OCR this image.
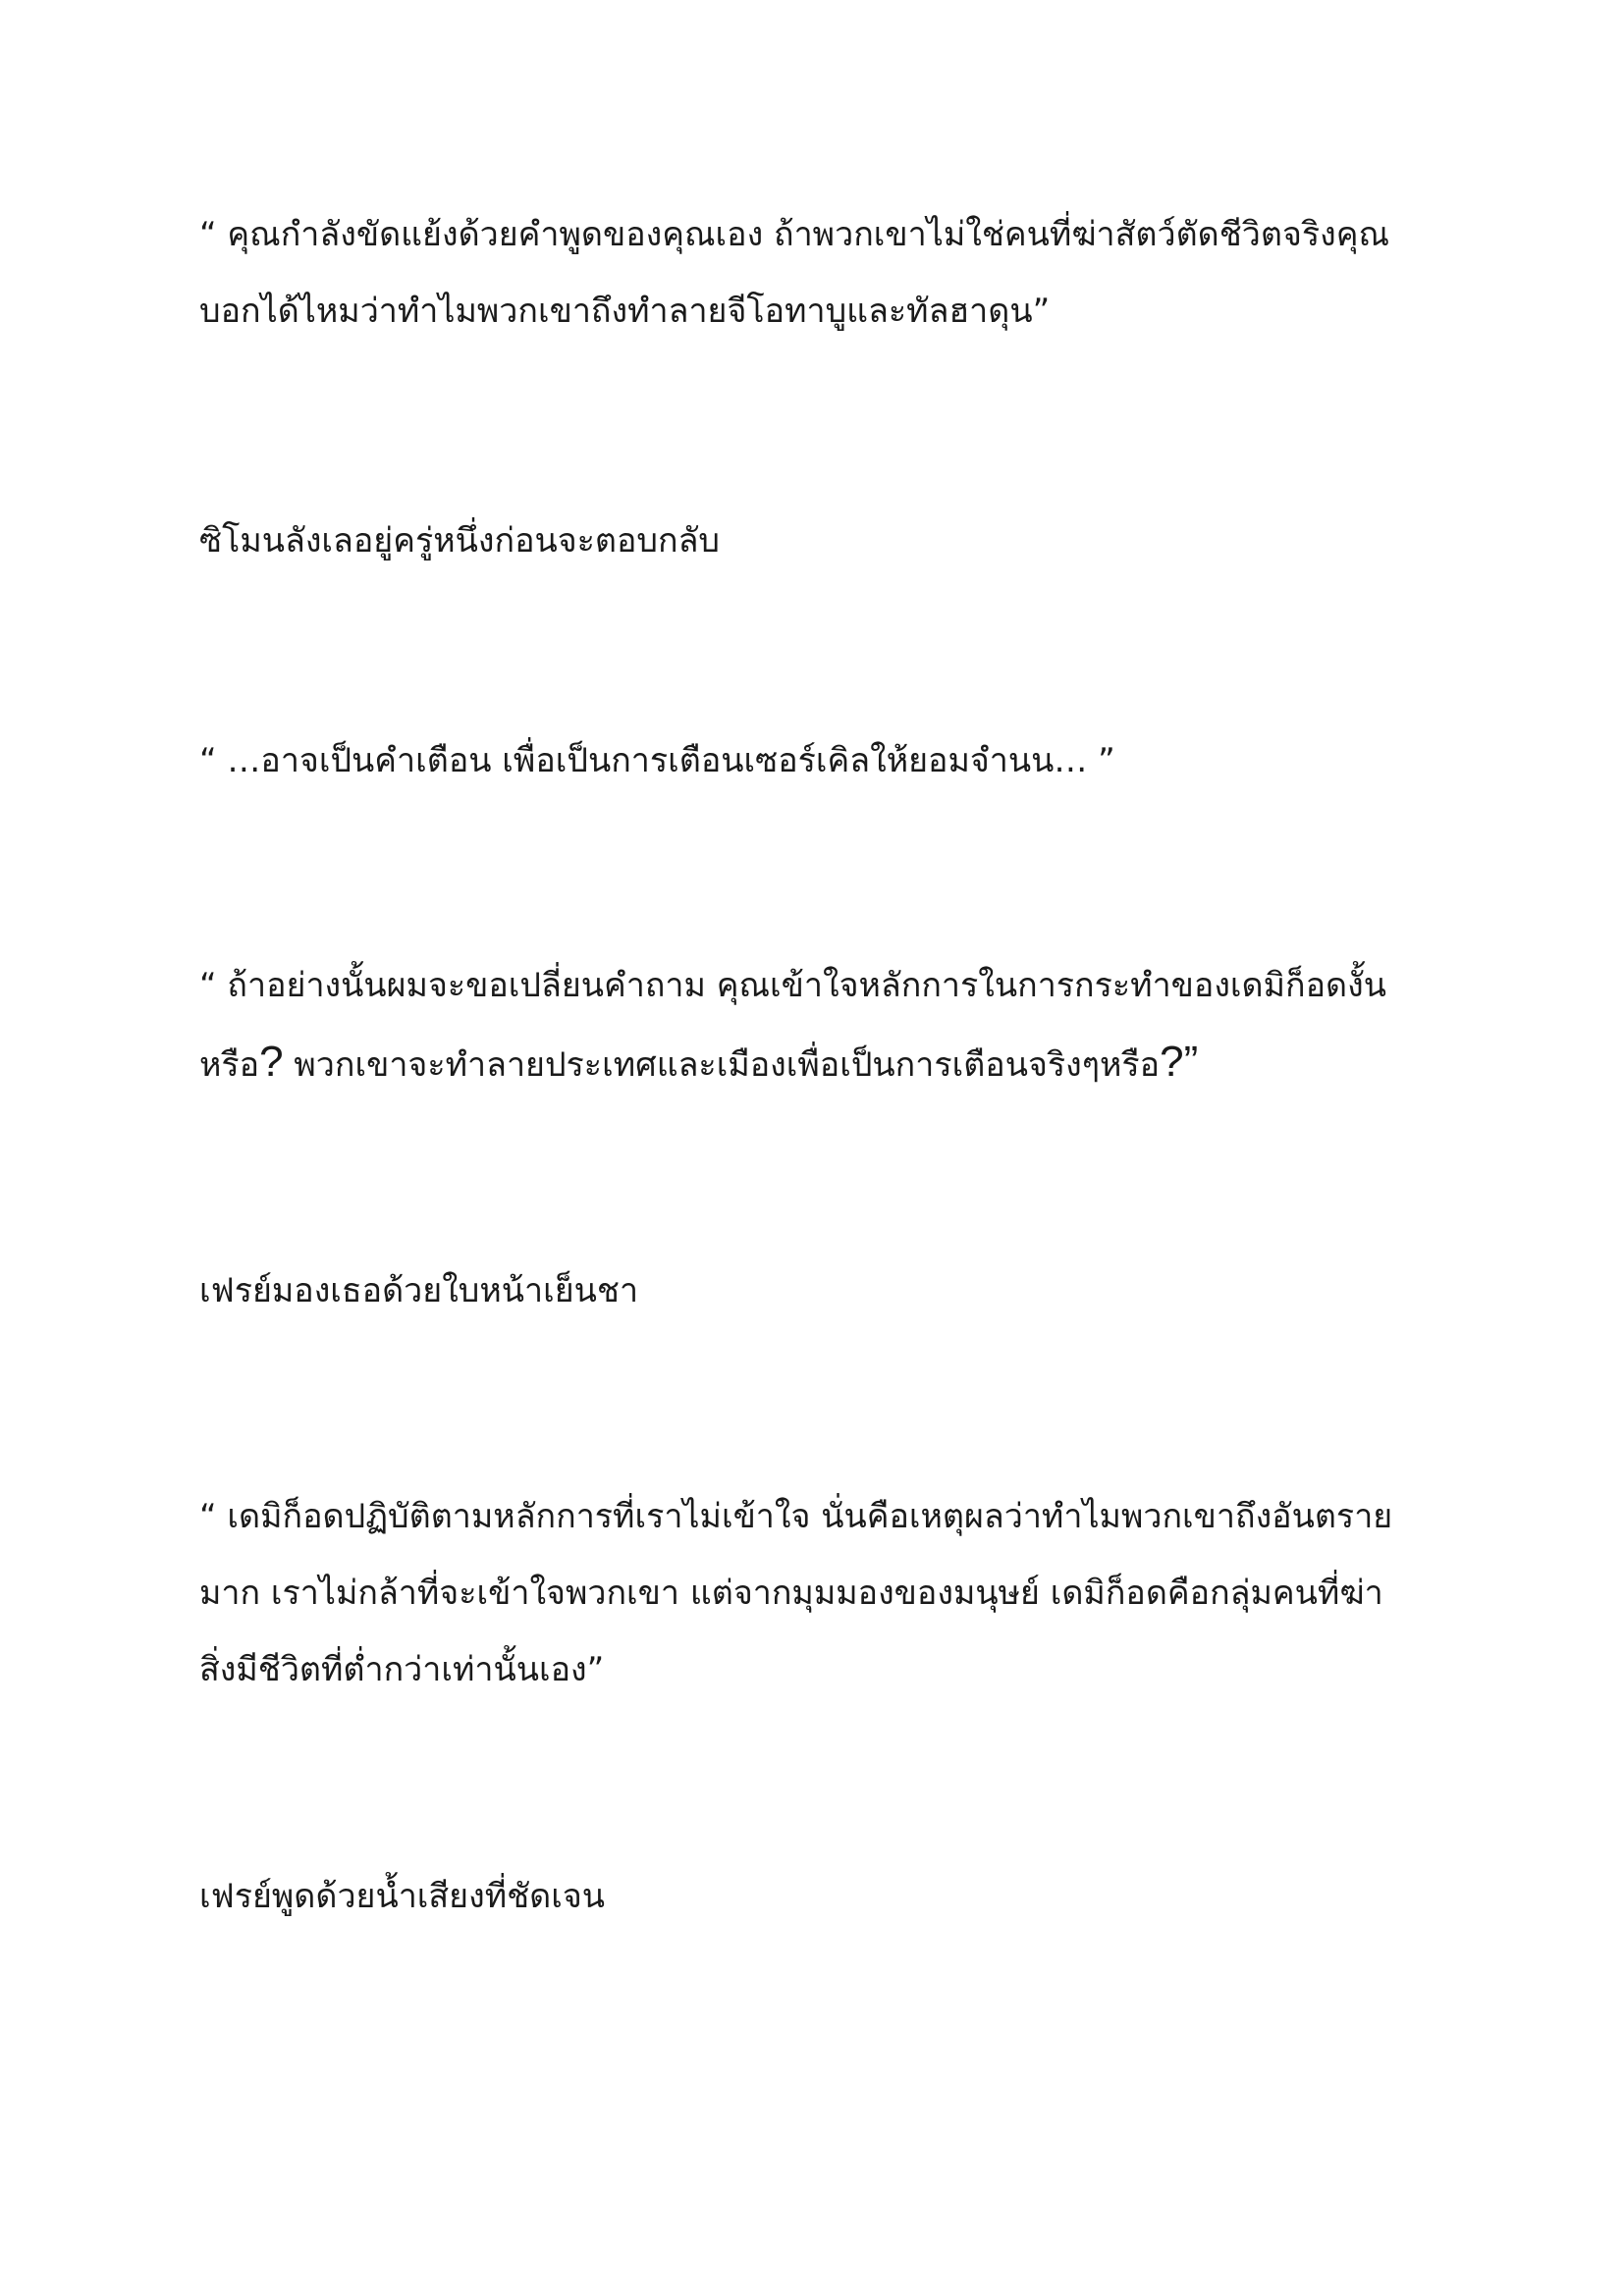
“ คุณกำลังขัดแย้งด้วยคำพูดของคุณเอง ถ้าพวกเขาไม่ใช่คนที่ฆ่าสัตว์ตัดชีวิตจริงคุณ
บอกได้ไหมว่าทำไมพวกเขาถึงทำลายจีโอทาบูและทัลฮาดุน”

ซิโมนลังเลอยู่ครู่หนึ่งก่อนจะตอบกลับ

“ …อาจเป็นคำเตือน เพื่อเป็นการเตือนเซอร์เคิลให้ยอมจำนน… ”

“ ถ้าอย่างนั้นผมจะขอเปลี่ยนคำถาม คุณเข้าใจหลักการในการกระทำของเดมิก็อดงั้น
หรือ? พวกเขาจะทำลายประเทศและเมืองเพื่อเป็นการเตือนจริงๆหรือ?”

เฟรย์มองเธอด้วยใบหน้าเย็นชา

“ เดมิก็อดปฏิบัติตามหลักการที่เราไม่เข้าใจ นั่นคือเหตุผลว่าทำไมพวกเขาถึงอันตราย
มาก เราไม่กล้าที่จะเข้าใจพวกเขา แต่จากมุมมองของมนุษย์ เดมิก็อดคือกลุ่มคนที่ฆ่า
สิ่งมีชีวิตที่ต่ำกว่าเท่านั้นเอง”

เฟรย์พูดด้วยน้ำเสียงที่ชัดเจน
